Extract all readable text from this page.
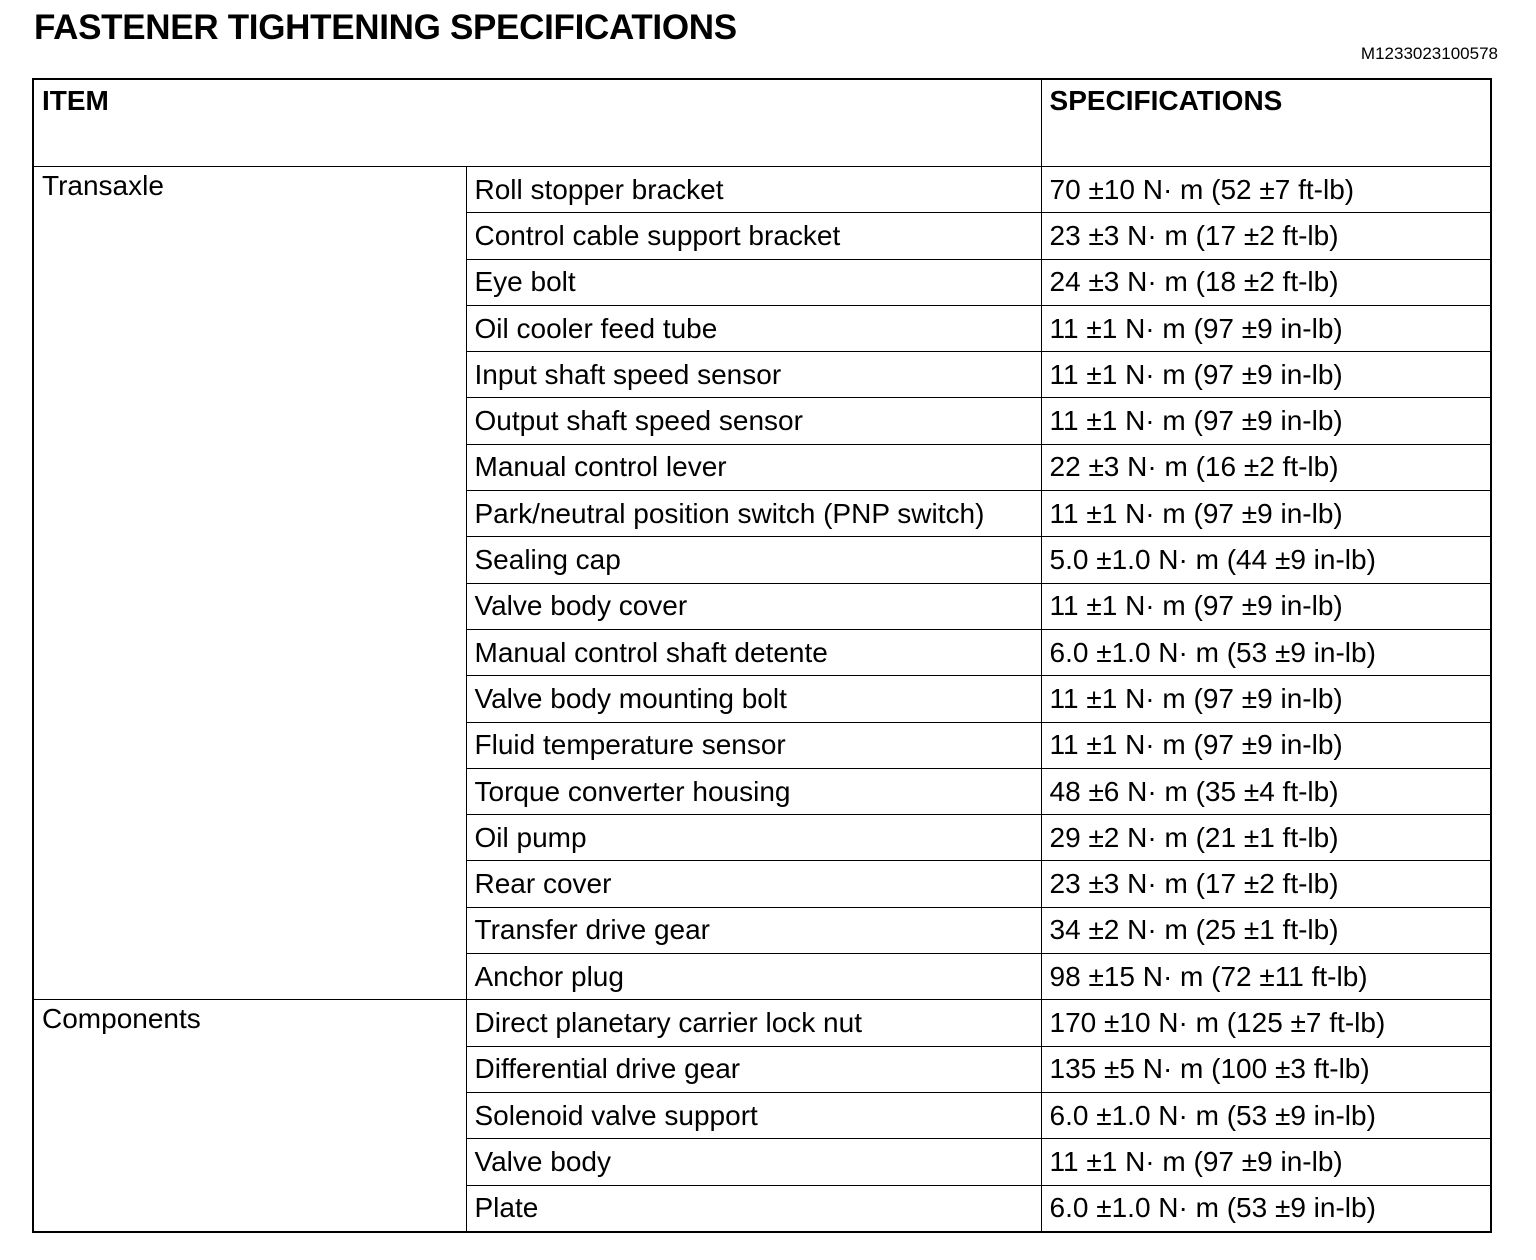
FASTENER TIGHTENING SPECIFICATIONS
M1233023100578
ITEM		SPECIFICATIONS
Transaxle	Roll stopper bracket	70 ±10 N· m (52 ±7 ft-lb)
	Control cable support bracket	23 ±3 N· m (17 ±2 ft-lb)
	Eye bolt	24 ±3 N· m (18 ±2 ft-lb)
	Oil cooler feed tube	11 ±1 N· m (97 ±9 in-lb)
	Input shaft speed sensor	11 ±1 N· m (97 ±9 in-lb)
	Output shaft speed sensor	11 ±1 N· m (97 ±9 in-lb)
	Manual control lever	22 ±3 N· m (16 ±2 ft-lb)
	Park/neutral position switch (PNP switch)	11 ±1 N· m (97 ±9 in-lb)
	Sealing cap	5.0 ±1.0 N· m (44 ±9 in-lb)
	Valve body cover	11 ±1 N· m (97 ±9 in-lb)
	Manual control shaft detente	6.0 ±1.0 N· m (53 ±9 in-lb)
	Valve body mounting bolt	11 ±1 N· m (97 ±9 in-lb)
	Fluid temperature sensor	11 ±1 N· m (97 ±9 in-lb)
	Torque converter housing	48 ±6 N· m (35 ±4 ft-lb)
	Oil pump	29 ±2 N· m (21 ±1 ft-lb)
	Rear cover	23 ±3 N· m (17 ±2 ft-lb)
	Transfer drive gear	34 ±2 N· m (25 ±1 ft-lb)
	Anchor plug	98 ±15 N· m (72 ±11 ft-lb)
Components	Direct planetary carrier lock nut	170 ±10 N· m (125 ±7 ft-lb)
	Differential drive gear	135 ±5 N· m (100 ±3 ft-lb)
	Solenoid valve support	6.0 ±1.0 N· m (53 ±9 in-lb)
	Valve body	11 ±1 N· m (97 ±9 in-lb)
	Plate	6.0 ±1.0 N· m (53 ±9 in-lb)
